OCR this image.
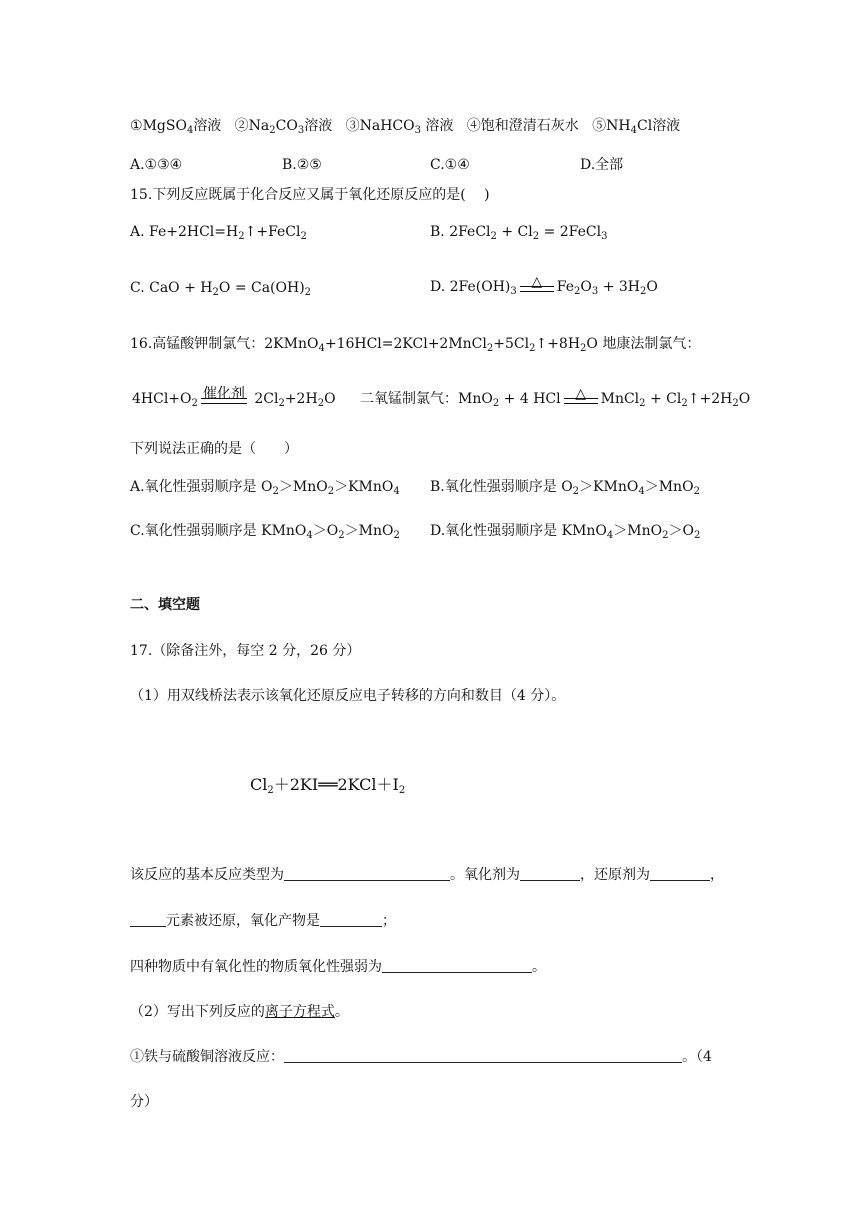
①MgSO$_4$溶液 $②Na_2CO_3$溶液 ③NaHCO$_3$ 溶液 ④饱和澄清石灰水 $⑤NH_4Cl$溶液
A.①③④	B.②⑤	C.①④	D.全部
15.下列反应既属于化合反应又属于氧化还原反应的是(　 )
A. $Fe+2HCl=H_2↑+FeCl_2$	B. 2FeCl$_2$ + $Cl_2$ = 2FeCl$_3$
C. CaO + $H_2O = Ca(OH)_2$	D. $2Fe(OH)_3$
△	$Fe_2O_3 + 3H_2O$
16.高锰酸钾制氯气：$2KMnO_4+16HCl=2KCl+2MnCl_2+5Cl_2↑+8H_2O$ 地康法制氯气：
$4HCl+O_2$
催化剂 $2Cl_2+2H_2O$ 二氧锰制氯气：MnO$_2$ + 4 HCl	△	MnCl$_2$ + $Cl_2↑+2H_2O$
下列说法正确的是（　　）
A.氧化性强弱顺序是 $O_2>MnO_2>KMnO_4$ B.氧化性强弱顺序是 $O_2>KMnO_4>MnO_2$
C.氧化性强弱顺序是 $KMnO_4>O_2>MnO_2$ D.氧化性强弱顺序是 $KMnO_4>MnO_2>O_2$
二、填空题
17.（除备注外，每空 2 分，26 分）
（1）用双线桥法表示该氧化还原反应电子转移的方向和数目（4 分）。
$Cl_2+2KI══2KCl+I_2$
该反应的基本反应类型为	。氧化剂为	，还原剂为	，
元素被还原，氧化产物是	；
四种物质中有氧化性的物质氧化性强弱为	。
（2）写出下列反应的离子方程式。
①铁与硫酸铜溶液反应：	。（4
分）
